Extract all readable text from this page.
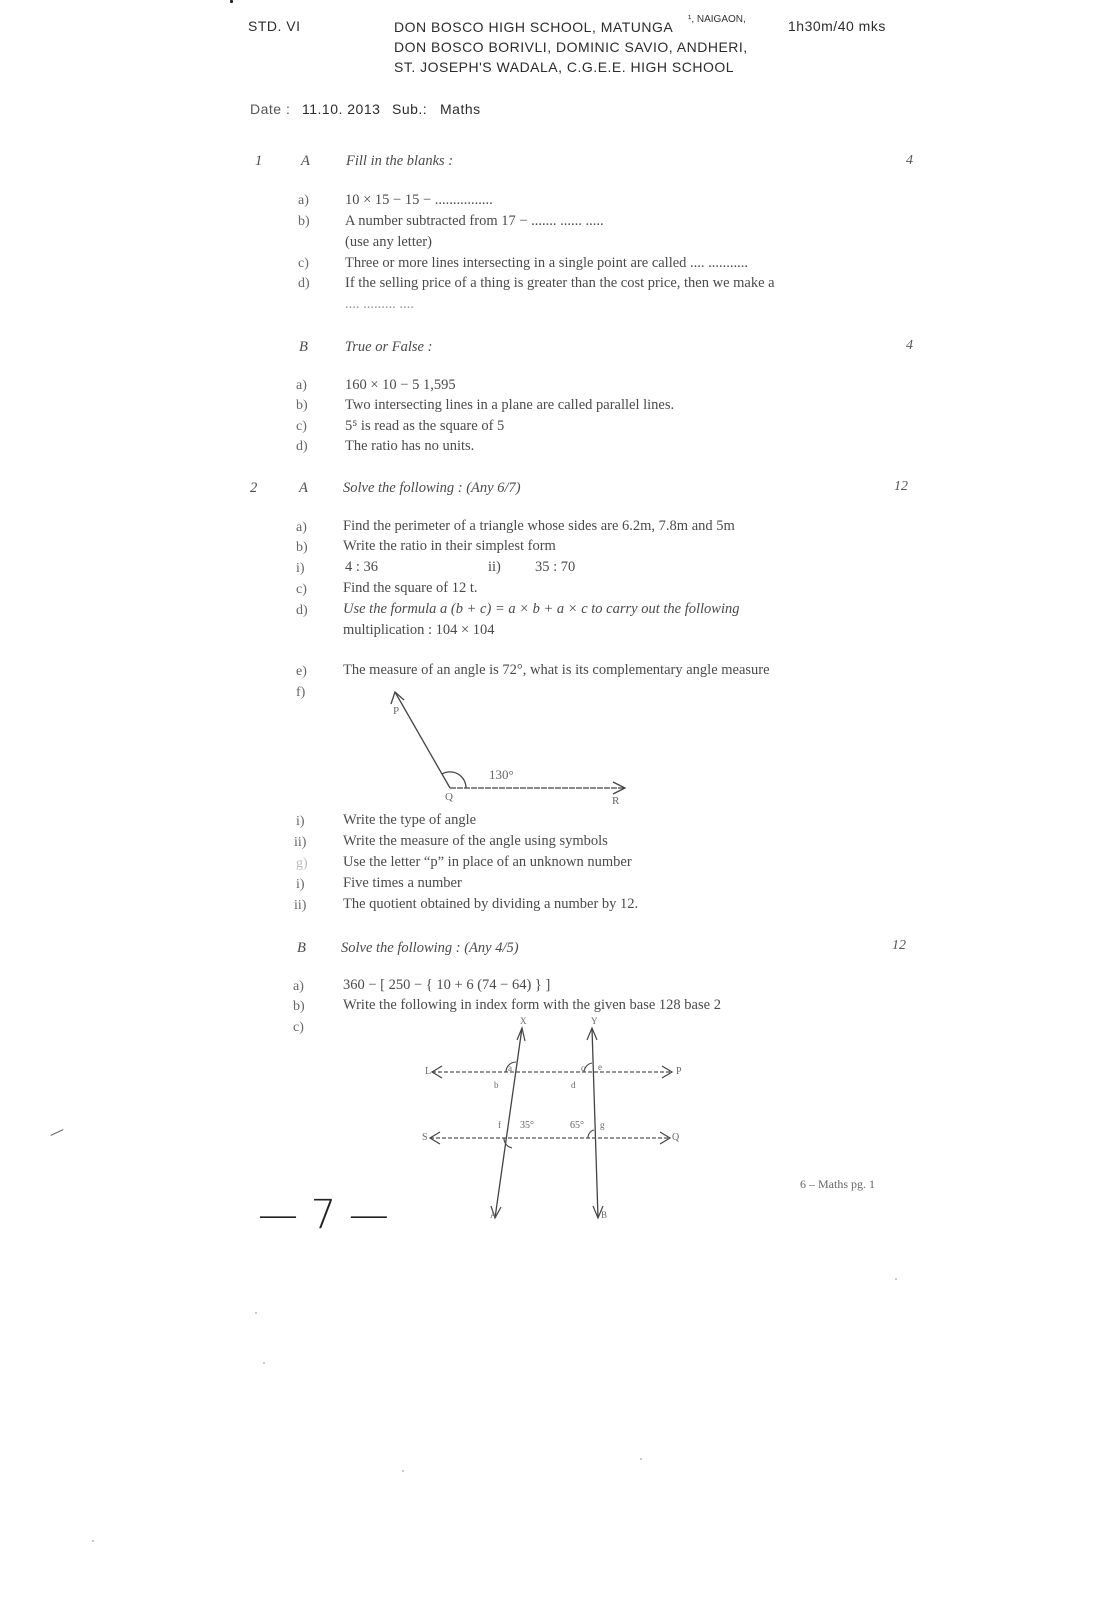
STD. VI	DON BOSCO HIGH SCHOOL, MATUNGA ¹, NAIGAON,	1h30m/40 mks
DON BOSCO BORIVLI, DOMINIC SAVIO, ANDHERI,
ST. JOSEPH'S WADALA, C.G.E.E. HIGH SCHOOL
Date : 11.10. 2013 Sub.: Maths
1	A Fill in the blanks :	4
a) 10 × 15 − 15 − ................
b) A number subtracted from 17 − ....... ...... .....
(use any letter)
c) Three or more lines intersecting in a single point are called .... ...........
d) If the selling price of a thing is greater than the cost price, then we make a
.... ......... ....
B	True or False :	4
a)	160 × 10 − 5 1,595
b)	Two intersecting lines in a plane are called parallel lines.
c)	5⁵ is read as the square of 5
d)	The ratio has no units.
2	A Solve the following : (Any 6/7)	12
a) Find the perimeter of a triangle whose sides are 6.2m, 7.8m and 5m
b) Write the ratio in their simplest form
i)	4 : 36	ii) 35 : 70
c) Find the square of 12 t.
d) Use the formula a (b + c) = a × b + a × c to carry out the following
multiplication : 104 × 104
e) The measure of an angle is 72°, what is its complementary angle measure
f)
P
Q	R
130°
i)	Write the type of angle
ii)	Write the measure of the angle using symbols
g) Use the letter “p” in place of an unknown number
i)	Five times a number
ii)	The quotient obtained by dividing a number by 12.
B Solve the following : (Any 4/5)	12
a)	360 − [ 250 − { 10 + 6 (74 − 64) } ]
b)	Write the following in index form with the given base 128 base 2
c)
L	P
S	Q
X	Y
A	B
35°	65°
a
b
c
d
e
f	g
6 – Maths pg. 1
— 7 —
